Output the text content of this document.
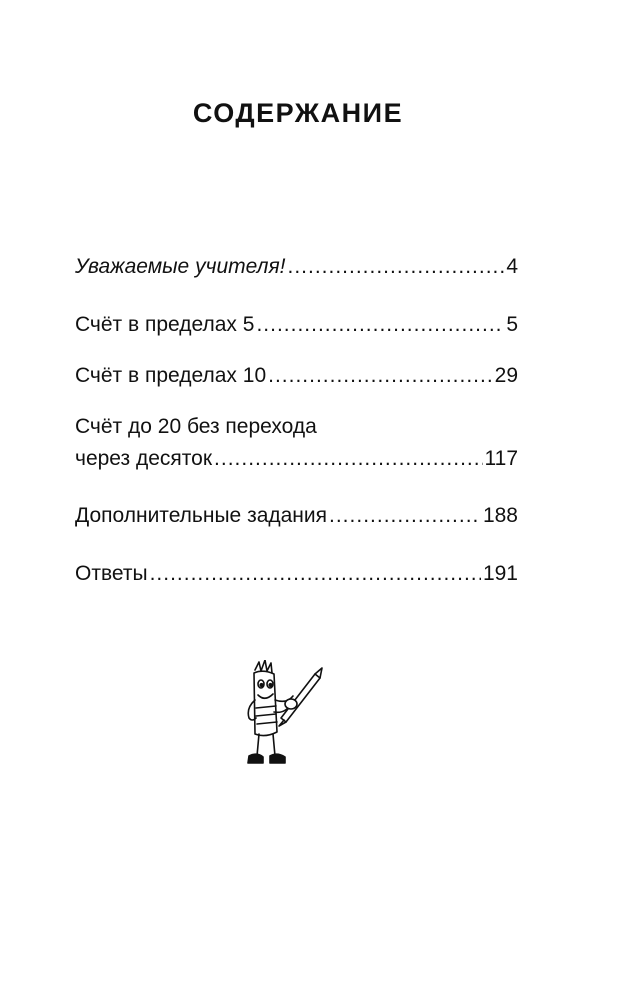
СОДЕРЖАНИЕ
Уважаемые учителя! .....	4
Счёт в пределах 5 .....	5
Счёт в пределах 10 .....	29
Счёт до 20 без перехода
через десяток .....	117
Дополнительные задания .....	188
Ответы .....	191
